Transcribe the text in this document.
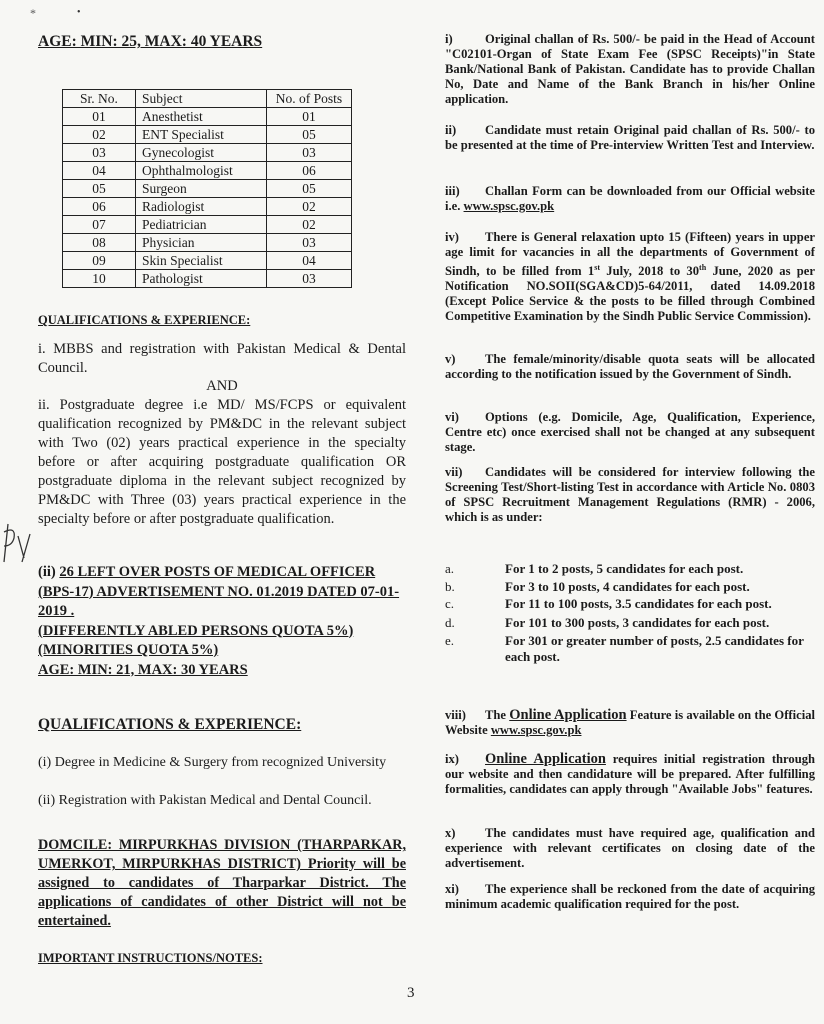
*	•
AGE: MIN: 25, MAX: 40 YEARS
Sr. No.	Subject	No. of Posts
01	Anesthetist	01
02	ENT Specialist	05
03	Gynecologist	03
04	Ophthalmologist	06
05	Surgeon	05
06	Radiologist	02
07	Pediatrician	02
08	Physician	03
09	Skin Specialist	04
10	Pathologist	03
QUALIFICATIONS & EXPERIENCE:
i. MBBS and registration with Pakistan Medical & Dental Council.
AND
ii. Postgraduate degree i.e MD/ MS/FCPS or equivalent qualification recognized by PM&DC in the relevant subject with Two (02) years practical experience in the specialty before or after acquiring postgraduate qualification OR postgraduate diploma in the relevant subject recognized by PM&DC with Three (03) years practical experience in the specialty before or after postgraduate qualification.
(ii) 26 LEFT OVER POSTS OF MEDICAL OFFICER (BPS-17) ADVERTISEMENT NO. 01.2019 DATED 07-01-2019 .
(DIFFERENTLY ABLED PERSONS QUOTA 5%)
(MINORITIES QUOTA 5%)
AGE: MIN: 21, MAX: 30 YEARS
QUALIFICATIONS & EXPERIENCE:
(i) Degree in Medicine & Surgery from recognized University
(ii) Registration with Pakistan Medical and Dental Council.
DOMCILE: MIRPURKHAS DIVISION (THARPARKAR, UMERKOT, MIRPURKHAS DISTRICT) Priority will be assigned to candidates of Tharparkar District. The applications of candidates of other District will not be entertained.
IMPORTANT INSTRUCTIONS/NOTES:
i)	Original challan of Rs. 500/- be paid in the Head of Account "C02101-Organ of State Exam Fee (SPSC Receipts)"in State Bank/National Bank of Pakistan. Candidate has to provide Challan No, Date and Name of the Bank Branch in his/her Online application.
ii) Candidate must retain Original paid challan of Rs. 500/- to be presented at the time of Pre-interview Written Test and Interview.
iii) Challan Form can be downloaded from our Official website i.e. www.spsc.gov.pk
iv) There is General relaxation upto 15 (Fifteen) years in upper age limit for vacancies in all the departments of Government of Sindh, to be filled from 1st July, 2018 to 30th June, 2020 as per Notification NO.SOII(SGA&CD)5-64/2011, dated 14.09.2018 (Except Police Service & the posts to be filled through Combined Competitive Examination by the Sindh Public Service Commission).
v) The female/minority/disable quota seats will be allocated according to the notification issued by the Government of Sindh.
vi) Options (e.g. Domicile, Age, Qualification, Experience, Centre etc) once exercised shall not be changed at any subsequent stage.
vii) Candidates will be considered for interview following the Screening Test/Short-listing Test in accordance with Article No. 0803 of SPSC Recruitment Management Regulations (RMR) - 2006, which is as under:
a.	For 1 to 2 posts, 5 candidates for each post.
b.	For 3 to 10 posts, 4 candidates for each post.
c.	For 11 to 100 posts, 3.5 candidates for each post.
d.	For 101 to 300 posts, 3 candidates for each post.
e.	For 301 or greater number of posts, 2.5 candidates for each post.
viii) The Online Application Feature is available on the Official Website www.spsc.gov.pk
ix) Online Application requires initial registration through our website and then candidature will be prepared. After fulfilling formalities, candidates can apply through "Available Jobs" features.
x) The candidates must have required age, qualification and experience with relevant certificates on closing date of the advertisement.
xi) The experience shall be reckoned from the date of acquiring minimum academic qualification required for the post.
3
